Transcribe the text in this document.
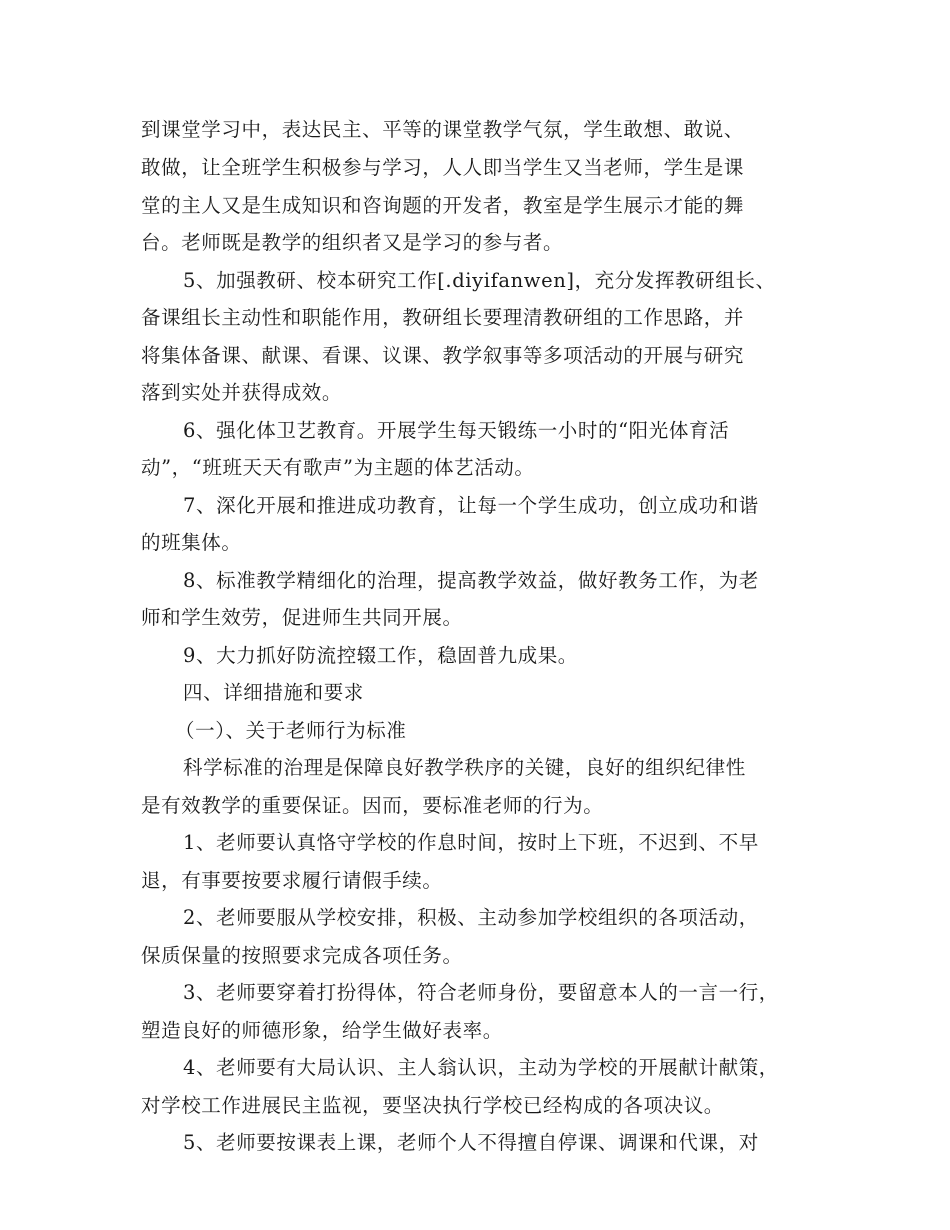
到课堂学习中，表达民主、平等的课堂教学气氛，学生敢想、敢说、
敢做，让全班学生积极参与学习，人人即当学生又当老师，学生是课
堂的主人又是生成知识和咨询题的开发者，教室是学生展示才能的舞
台。老师既是教学的组织者又是学习的参与者。
5、加强教研、校本研究工作[.diyifanwen]，充分发挥教研组长、
备课组长主动性和职能作用，教研组长要理清教研组的工作思路，并
将集体备课、献课、看课、议课、教学叙事等多项活动的开展与研究
落到实处并获得成效。
6、强化体卫艺教育。开展学生每天锻练一小时的“阳光体育活
动”，“班班天天有歌声”为主题的体艺活动。
7、深化开展和推进成功教育，让每一个学生成功，创立成功和谐
的班集体。
8、标准教学精细化的治理，提高教学效益，做好教务工作，为老
师和学生效劳，促进师生共同开展。
9、大力抓好防流控辍工作，稳固普九成果。
四、详细措施和要求
（一）、关于老师行为标准
科学标准的治理是保障良好教学秩序的关键，良好的组织纪律性
是有效教学的重要保证。因而，要标准老师的行为。
1、老师要认真恪守学校的作息时间，按时上下班，不迟到、不早
退，有事要按要求履行请假手续。
2、老师要服从学校安排，积极、主动参加学校组织的各项活动，
保质保量的按照要求完成各项任务。
3、老师要穿着打扮得体，符合老师身份，要留意本人的一言一行，
塑造良好的师德形象，给学生做好表率。
4、老师要有大局认识、主人翁认识，主动为学校的开展献计献策，
对学校工作进展民主监视，要坚决执行学校已经构成的各项决议。
5、老师要按课表上课，老师个人不得擅自停课、调课和代课，对
